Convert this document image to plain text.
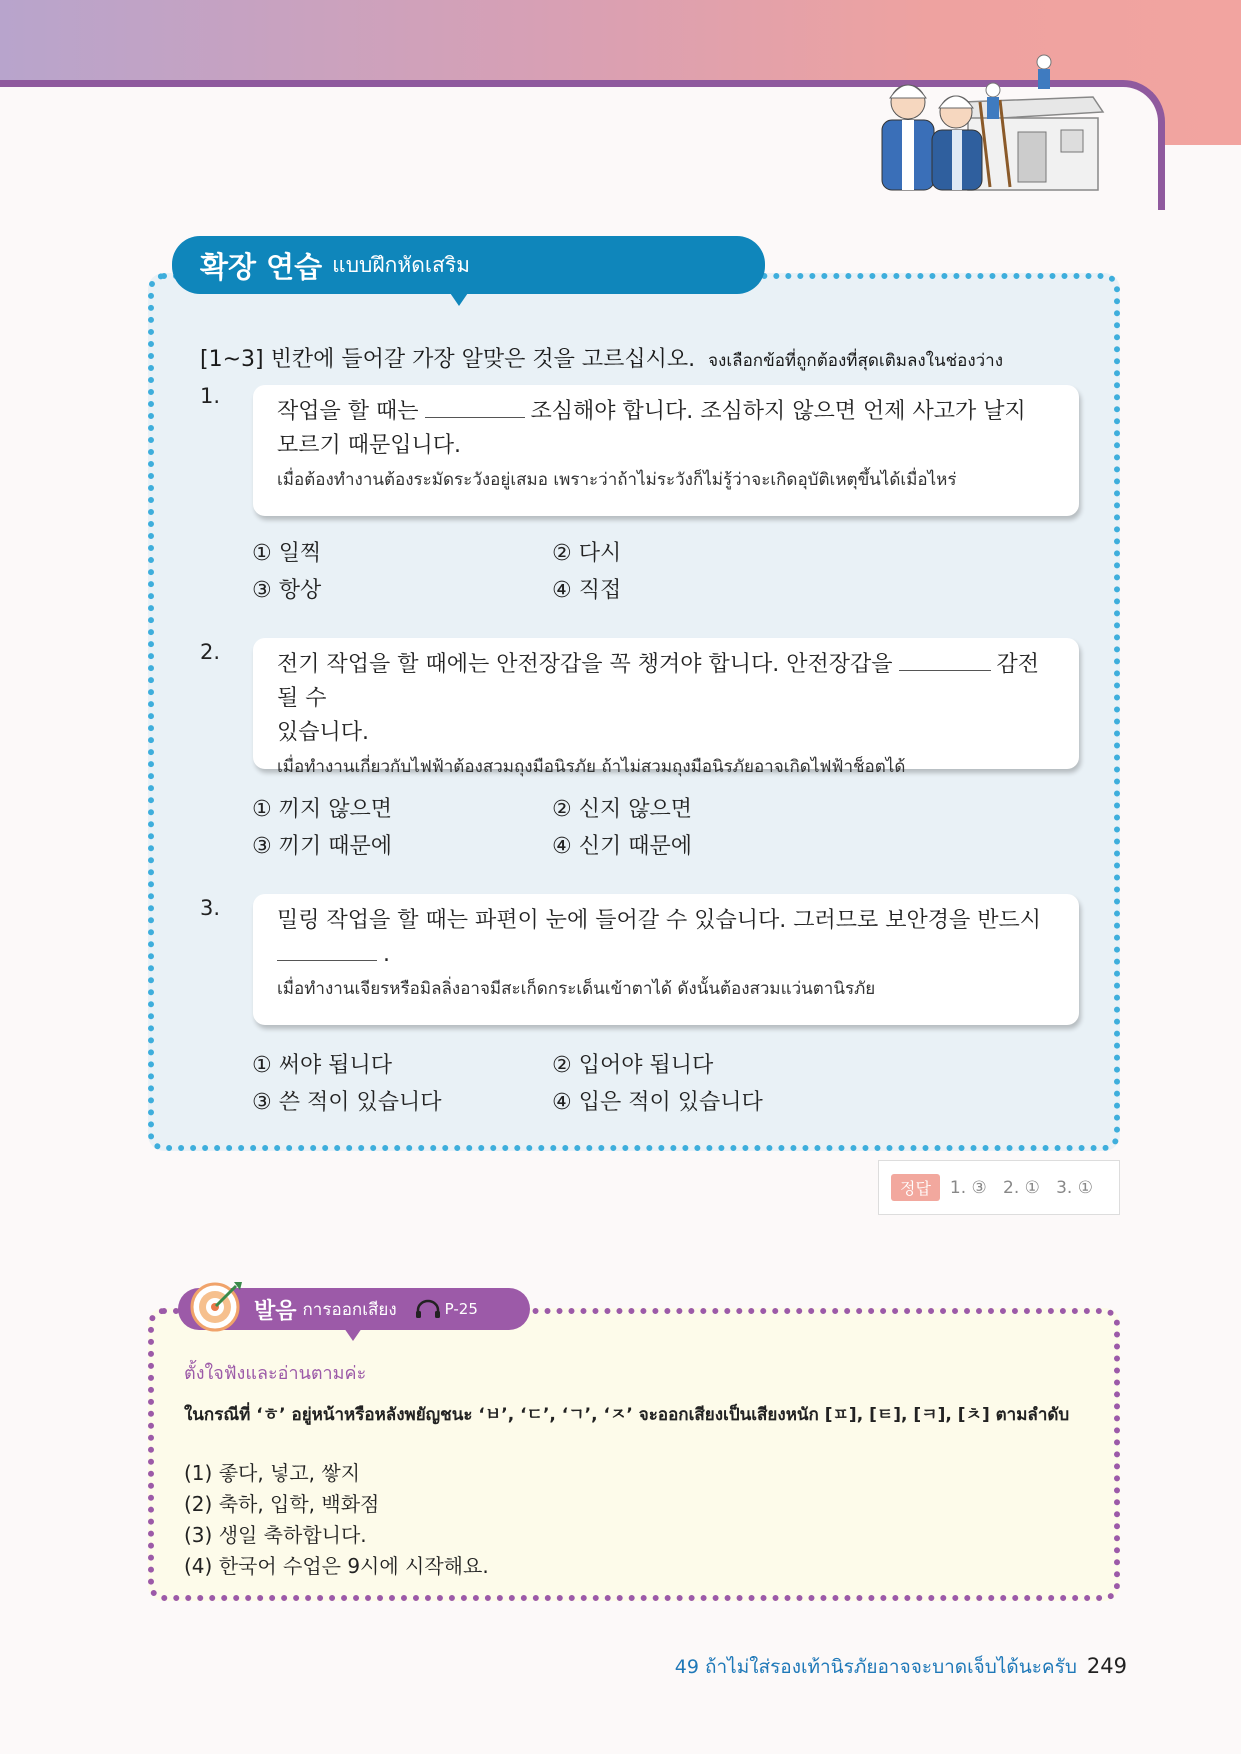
확장 연습 แบบฝึกหัดเสริม
[1~3] 빈칸에 들어갈 가장 알맞은 것을 고르십시오. จงเลือกข้อที่ถูกต้องที่สุดเติมลงในช่องว่าง
1.
작업을 할 때는	조심해야 합니다. 조심하지 않으면 언제 사고가 날지
모르기 때문입니다.
เมื่อต้องทำงานต้องระมัดระวังอยู่เสมอ เพราะว่าถ้าไม่ระวังก็ไม่รู้ว่าจะเกิดอุบัติเหตุขึ้นได้เมื่อไหร่
① 일찍	② 다시
③ 항상	④ 직접
2.	전기 작업을 할 때에는 안전장갑을 꼭 챙겨야 합니다. 안전장갑을	감전될 수
있습니다.
เมื่อทำงานเกี่ยวกับไฟฟ้าต้องสวมถุงมือนิรภัย ถ้าไม่สวมถุงมือนิรภัยอาจเกิดไฟฟ้าช็อตได้
① 끼지 않으면	② 신지 않으면
③ 끼기 때문에	④ 신기 때문에
3.	밀링 작업을 할 때는 파편이 눈에 들어갈 수 있습니다. 그러므로 보안경을 반드시
.
เมื่อทำงานเจียรหรือมิลลิ่งอาจมีสะเก็ดกระเด็นเข้าตาได้ ดังนั้นต้องสวมแว่นตานิรภัย
① 써야 됩니다	② 입어야 됩니다
③ 쓴 적이 있습니다	④ 입은 적이 있습니다
정답	1. ③   2. ①   3. ①
발음 การออกเสียง	P-25
ตั้งใจฟังและอ่านตามค่ะ
ในกรณีที่ ‘ㅎ’ อยู่หน้าหรือหลังพยัญชนะ ‘ㅂ’, ‘ㄷ’, ‘ㄱ’, ‘ㅈ’ จะออกเสียงเป็นเสียงหนัก [ㅍ], [ㅌ], [ㅋ], [ㅊ] ตามลำดับ
(1) 좋다, 넣고, 쌓지
(2) 축하, 입학, 백화점
(3) 생일 축하합니다.
(4) 한국어 수업은 9시에 시작해요.
49 ถ้าไม่ใส่รองเท้านิรภัยอาจจะบาดเจ็บได้นะครับ 249
